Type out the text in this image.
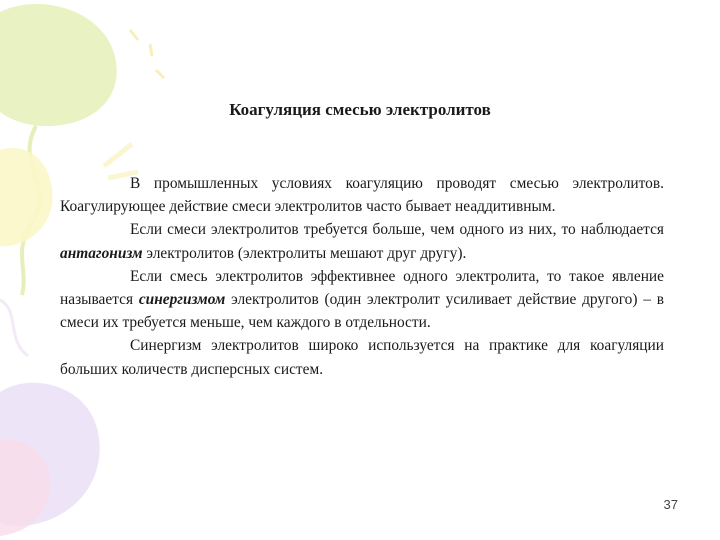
Коагуляция смесью электролитов

В промышленных условиях коагуляцию проводят смесью электролитов. Коагулирующее действие смеси электролитов часто бывает неаддитивным.

Если смеси электролитов требуется больше, чем одного из них, то наблюдается антагонизм электролитов (электролиты мешают друг другу).

Если смесь электролитов эффективнее одного электролита, то такое явление называется синергизмом электролитов (один электролит усиливает действие другого) – в смеси их требуется меньше, чем каждого в отдельности.

Синергизм электролитов широко используется на практике для коагуляции больших количеств дисперсных систем.

37
